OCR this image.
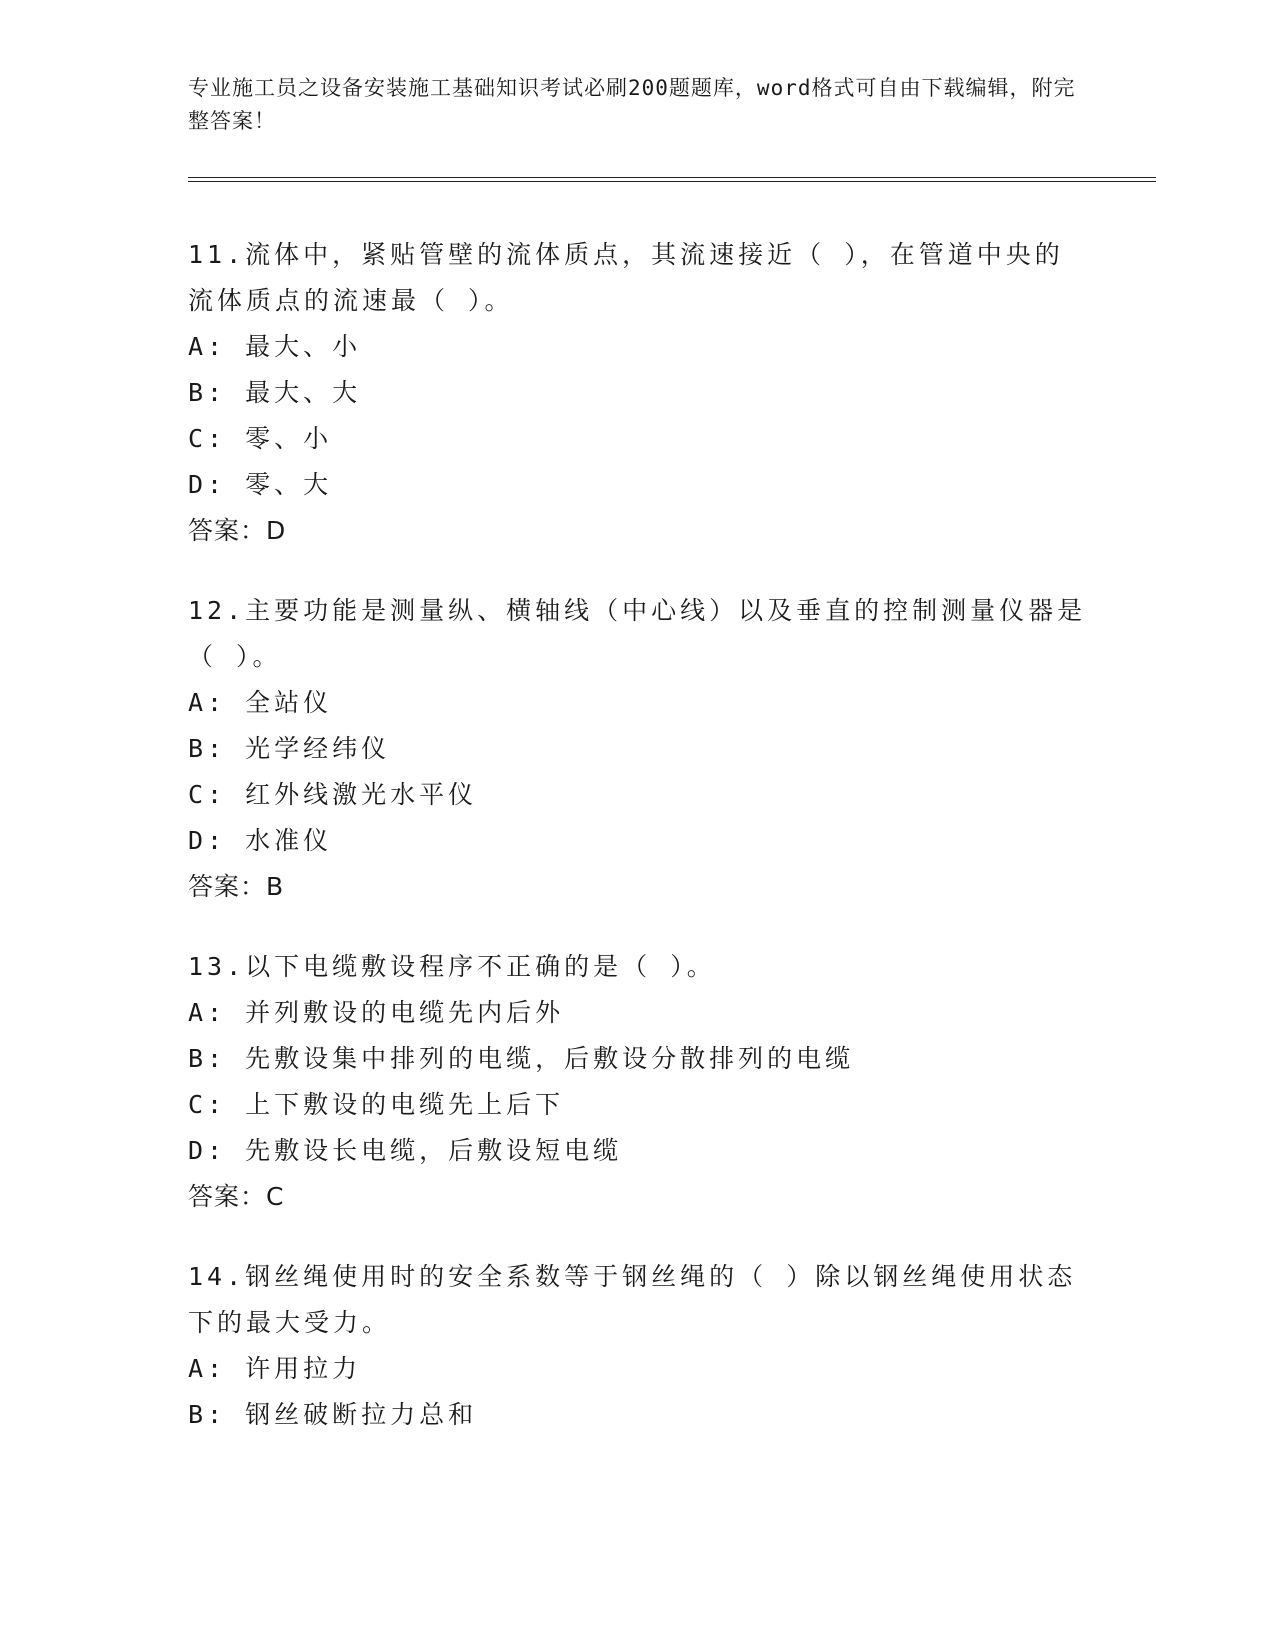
专业施工员之设备安装施工基础知识考试必刷200题题库，word格式可自由下载编辑，附完整答案！
11.流体中，紧贴管壁的流体质点，其流速接近（ ），在管道中央的流体质点的流速最（ ）。
A: 最大、小
B: 最大、大
C: 零、小
D: 零、大
答案：D
12.主要功能是测量纵、横轴线（中心线）以及垂直的控制测量仪器是（ ）。
A: 全站仪
B: 光学经纬仪
C: 红外线激光水平仪
D: 水准仪
答案：B
13.以下电缆敷设程序不正确的是（ ）。
A: 并列敷设的电缆先内后外
B: 先敷设集中排列的电缆，后敷设分散排列的电缆
C: 上下敷设的电缆先上后下
D: 先敷设长电缆，后敷设短电缆
答案：C
14.钢丝绳使用时的安全系数等于钢丝绳的（ ）除以钢丝绳使用状态下的最大受力。
A: 许用拉力
B: 钢丝破断拉力总和
